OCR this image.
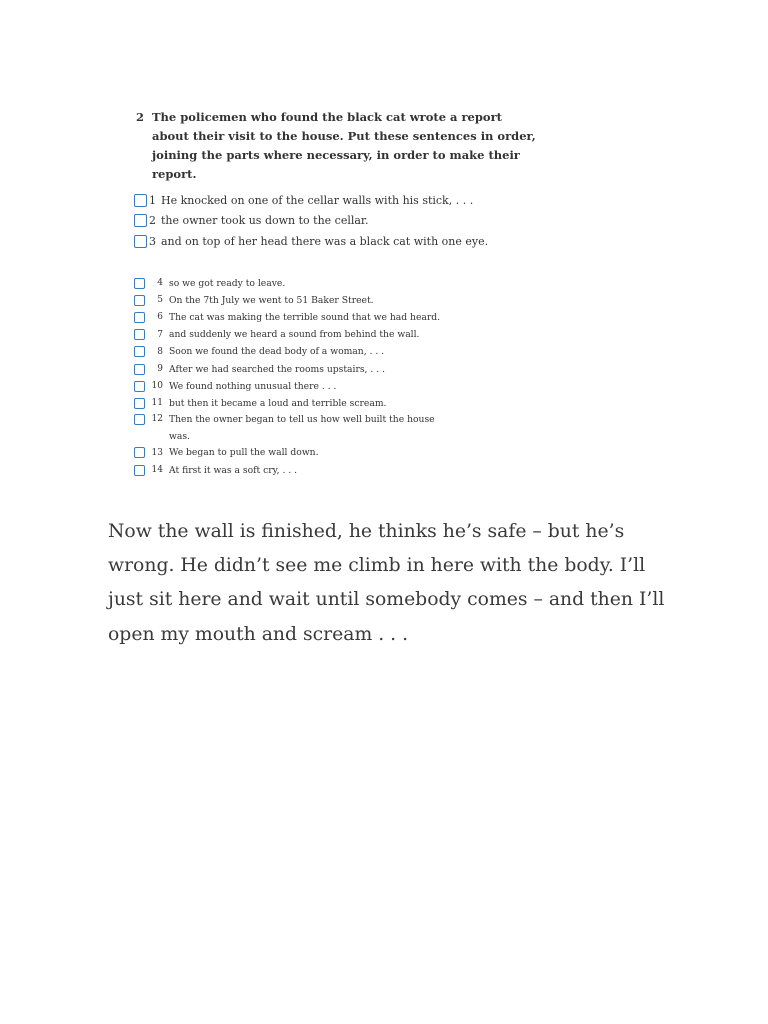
2 The policemen who found the black cat wrote a report about their visit to the house. Put these sentences in order, joining the parts where necessary, in order to make their report.
1 He knocked on one of the cellar walls with his stick, . . .
2 the owner took us down to the cellar.
3 and on top of her head there was a black cat with one eye.
4 so we got ready to leave.
5 On the 7th July we went to 51 Baker Street.
6 The cat was making the terrible sound that we had heard.
7 and suddenly we heard a sound from behind the wall.
8 Soon we found the dead body of a woman, . . .
9 After we had searched the rooms upstairs, . . .
10 We found nothing unusual there . . .
11 but then it became a loud and terrible scream.
12 Then the owner began to tell us how well built the house
was.
13 We began to pull the wall down.
14 At first it was a soft cry, . . .
Now the wall is finished, he thinks he’s safe – but he’s
wrong. He didn’t see me climb in here with the body. I’ll
just sit here and wait until somebody comes – and then I’ll
open my mouth and scream . . .
